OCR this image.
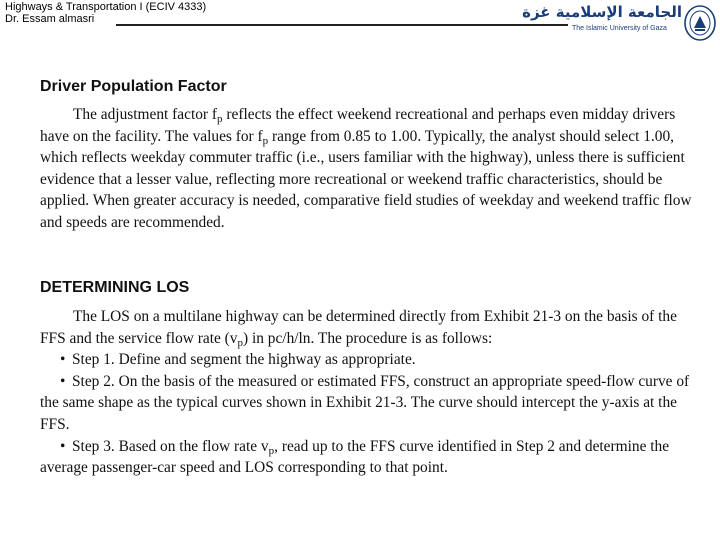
Highways & Transportation I (ECIV 4333)
Dr. Essam almasri	الجامعة الإسلامية غزة
The Islamic University of Gaza
Driver Population Factor

The adjustment factor $f_p$ reflects the effect weekend recreational and perhaps even midday drivers have on the facility. The values for $f_p$ range from 0.85 to 1.00. Typically, the analyst should select 1.00, which reflects weekday commuter traffic (i.e., users familiar with the highway), unless there is sufficient evidence that a lesser value, reflecting more recreational or weekend traffic characteristics, should be applied. When greater accuracy is needed, comparative field studies of weekday and weekend traffic flow and speeds are recommended.

DETERMINING LOS

The LOS on a multilane highway can be determined directly from Exhibit 21-3 on the basis of the FFS and the service flow rate $(v_p)$ in pc/h/ln. The procedure is as follows:
• Step 1. Define and segment the highway as appropriate.
• Step 2. On the basis of the measured or estimated FFS, construct an appropriate speed-flow curve of the same shape as the typical curves shown in Exhibit 21-3. The curve should intercept the y-axis at the FFS.
• Step 3. Based on the flow rate $v_p$, read up to the FFS curve identified in Step 2 and determine the average passenger-car speed and LOS corresponding to that point.
